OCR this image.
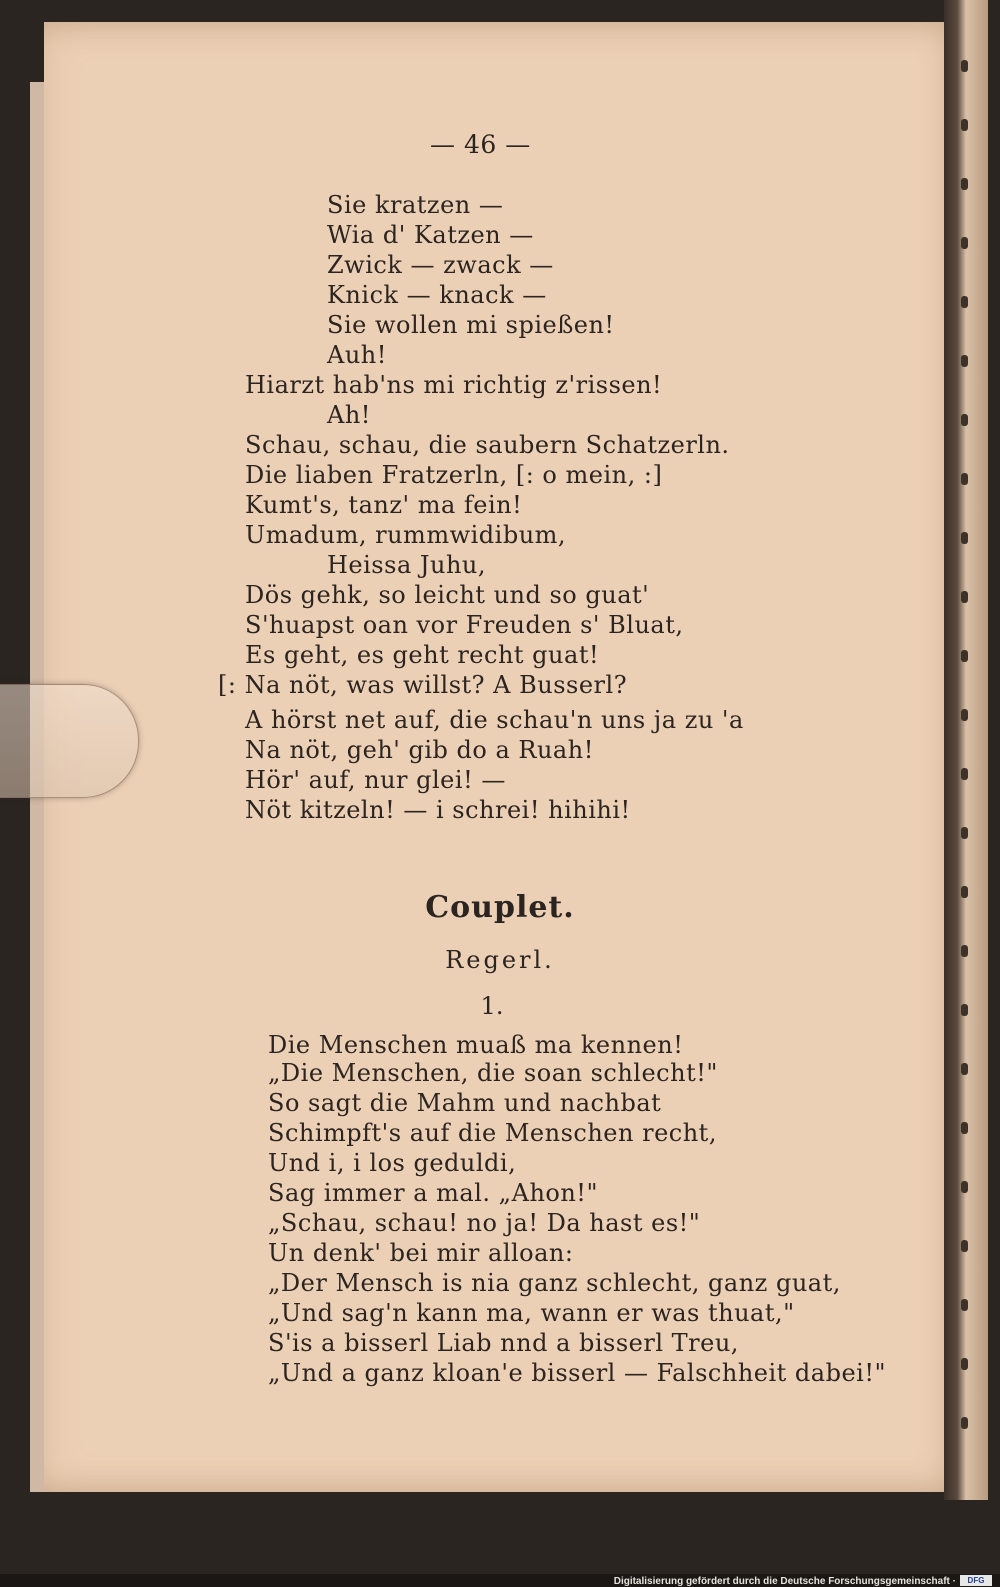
— 46 —
Sie kratzen —
Wia d' Katzen —
Zwick — zwack —
Knick — knack —
Sie wollen mi spießen!
Auh!
Hiarzt hab'ns mi richtig z'rissen!
Ah!
Schau, schau, die saubern Schatzerln.
Die liaben Fratzerln, [: o mein, :]
Kumt's, tanz' ma fein!
Umadum, rummwidibum,
Heissa Juhu,
Dös gehk, so leicht und so guat'
S'huapst oan vor Freuden s' Bluat,
Es geht, es geht recht guat!
[: Na nöt, was willst? A Busserl?
A hörst net auf, die schau'n uns ja zu 'a
Na nöt, geh' gib do a Ruah!
Hör' auf, nur glei! —
Nöt kitzeln! — i schrei! hihihi!
Couplet.
Regerl.
1.
Die Menschen muaß ma kennen!
„Die Menschen, die soan schlecht!"
So sagt die Mahm und nachbat
Schimpft's auf die Menschen recht,
Und i, i los geduldi,
Sag immer a mal. „Ahon!"
„Schau, schau! no ja! Da hast es!"
Un denk' bei mir alloan:
„Der Mensch is nia ganz schlecht, ganz guat,
„Und sag'n kann ma, wann er was thuat,"
S'is a bisserl Liab nnd a bisserl Treu,
„Und a ganz kloan'e bisserl — Falschheit dabei!"
Digitalisierung gefördert durch die Deutsche Forschungsgemeinschaft ·	DFG
